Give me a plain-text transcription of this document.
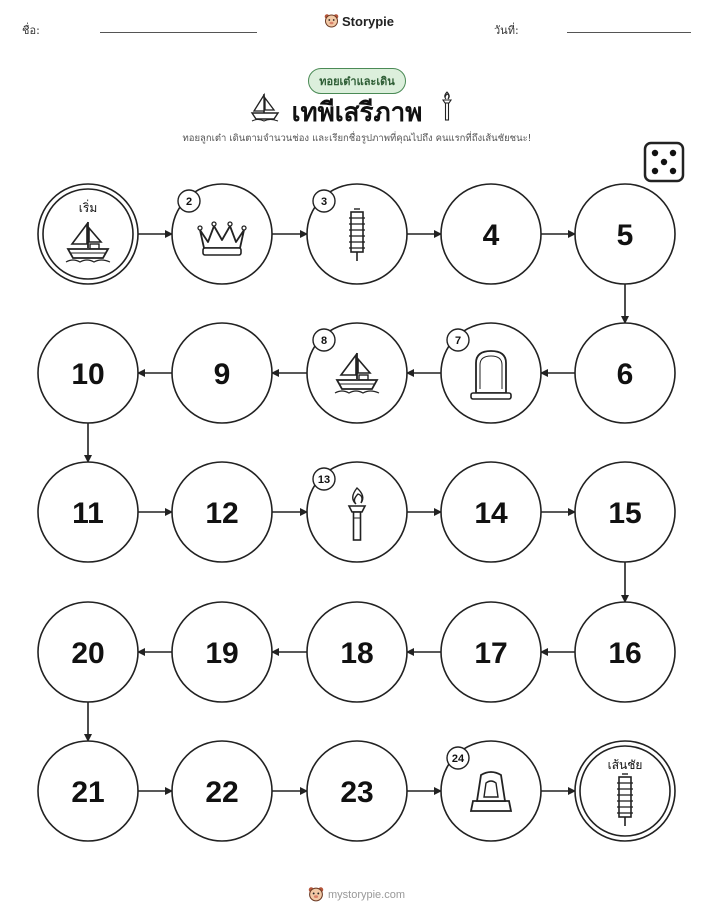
ชื่อ:
Storypie
วันที่:
ทอยเต๋าและเดิน
เทพีเสรีภาพ
ทอยลูกเต๋า เดินตามจำนวนช่อง และเรียกชื่อรูปภาพที่คุณไปถึง คนแรกที่ถึงเส้นชัยชนะ!
เริ่ม	2	3
4	5
6
7
8
9
10
11	12
13
14	15
16
17
18
19
20
21	22	23
24	เส้นชัย
mystorypie.com
